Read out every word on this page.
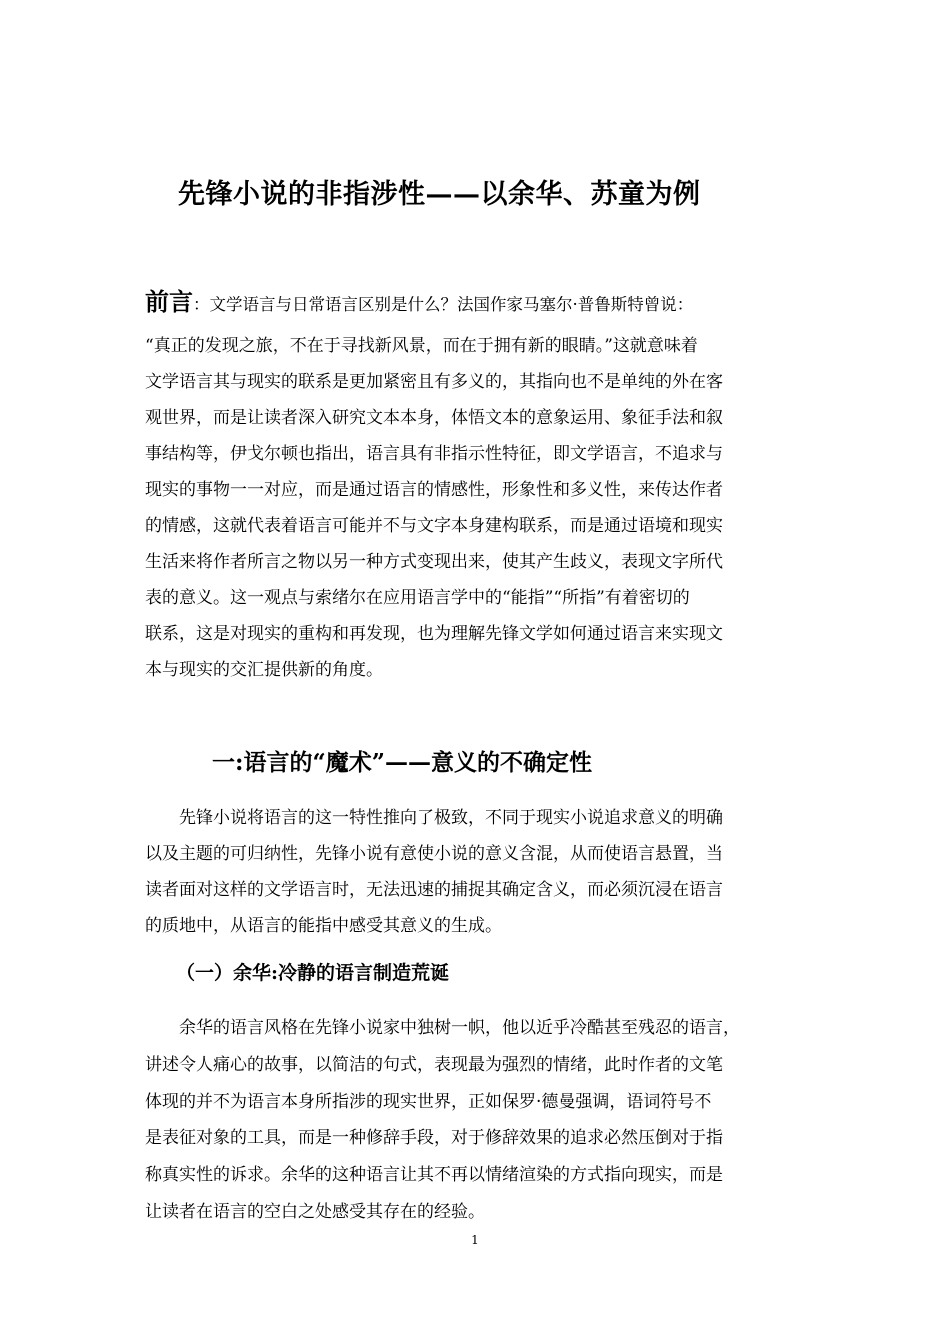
先锋小说的非指涉性——以余华、苏童为例
前言：文学语言与日常语言区别是什么？法国作家马塞尔·普鲁斯特曾说：

“真正的发现之旅，不在于寻找新风景，而在于拥有新的眼睛。”这就意味着
文学语言其与现实的联系是更加紧密且有多义的，其指向也不是单纯的外在客
观世界，而是让读者深入研究文本本身，体悟文本的意象运用、象征手法和叙
事结构等，伊戈尔顿也指出，语言具有非指示性特征，即文学语言，不追求与
现实的事物一一对应，而是通过语言的情感性，形象性和多义性，来传达作者
的情感，这就代表着语言可能并不与文字本身建构联系，而是通过语境和现实
生活来将作者所言之物以另一种方式变现出来，使其产生歧义，表现文字所代
表的意义。这一观点与索绪尔在应用语言学中的“能指”“所指”有着密切的
联系，这是对现实的重构和再发现，也为理解先锋文学如何通过语言来实现文
本与现实的交汇提供新的角度。

一:语言的“魔术”——意义的不确定性

　　先锋小说将语言的这一特性推向了极致，不同于现实小说追求意义的明确
以及主题的可归纳性，先锋小说有意使小说的意义含混，从而使语言悬置，当
读者面对这样的文学语言时，无法迅速的捕捉其确定含义，而必须沉浸在语言
的质地中，从语言的能指中感受其意义的生成。

（一）余华:冷静的语言制造荒诞

　　余华的语言风格在先锋小说家中独树一帜，他以近乎冷酷甚至残忍的语言，
讲述令人痛心的故事，以简洁的句式，表现最为强烈的情绪，此时作者的文笔
体现的并不为语言本身所指涉的现实世界，正如保罗·德曼强调，语词符号不
是表征对象的工具，而是一种修辞手段，对于修辞效果的追求必然压倒对于指
称真实性的诉求。余华的这种语言让其不再以情绪渲染的方式指向现实，而是
让读者在语言的空白之处感受其存在的经验。

1
